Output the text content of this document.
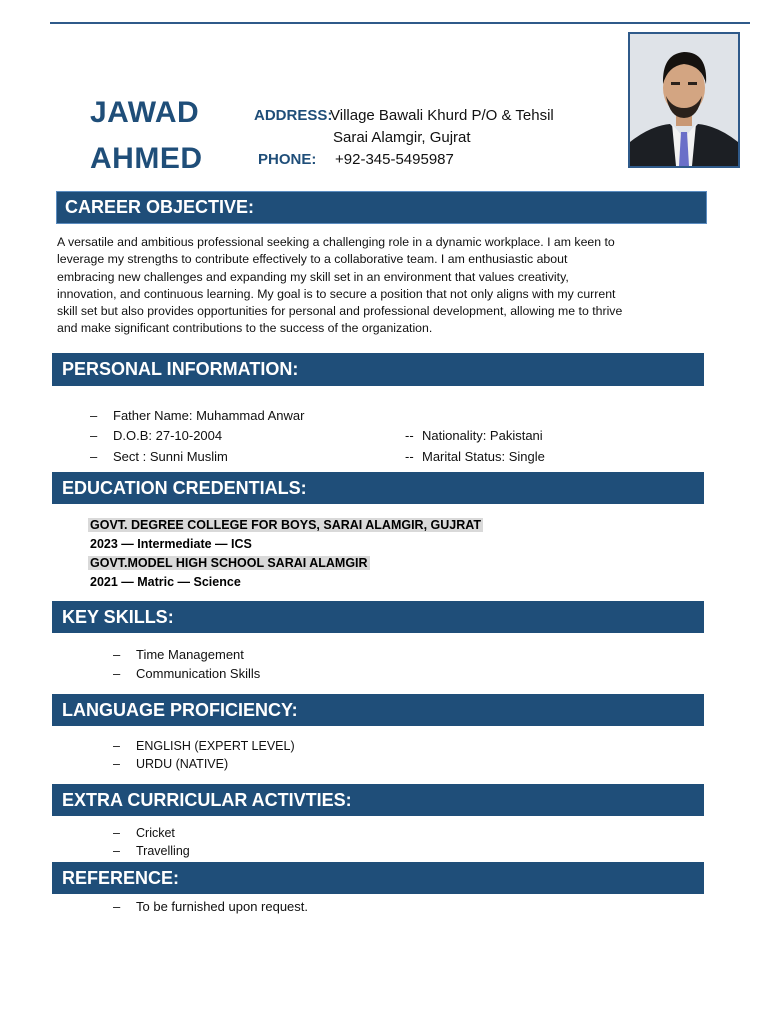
JAWAD
AHMED
ADDRESS:
Village Bawali Khurd P/O & Tehsil
Sarai Alamgir, Gujrat
PHONE: +92-345-5495987
CAREER OBJECTIVE:
A versatile and ambitious professional seeking a challenging role in a dynamic workplace. I am keen to
leverage my strengths to contribute effectively to a collaborative team. I am enthusiastic about
embracing new challenges and expanding my skill set in an environment that values creativity,
innovation, and continuous learning. My goal is to secure a position that not only aligns with my current
skill set but also provides opportunities for personal and professional development, allowing me to thrive
and make significant contributions to the success of the organization.
PERSONAL INFORMATION:
– Father Name: Muhammad Anwar
– D.O.B: 27-10-2004
– Sect : Sunni Muslim
-- Nationality: Pakistani
-- Marital Status: Single
EDUCATION CREDENTIALS:
GOVT. DEGREE COLLEGE FOR BOYS, SARAI ALAMGIR, GUJRAT
2023 — Intermediate — ICS
GOVT.MODEL HIGH SCHOOL SARAI ALAMGIR
2021 — Matric — Science
KEY SKILLS:
– Time Management
– Communication Skills
LANGUAGE PROFICIENCY:
– ENGLISH (EXPERT LEVEL)
– URDU (NATIVE)
EXTRA CURRICULAR ACTIVTIES:
– Cricket
– Travelling
REFERENCE:
– To be furnished upon request.
